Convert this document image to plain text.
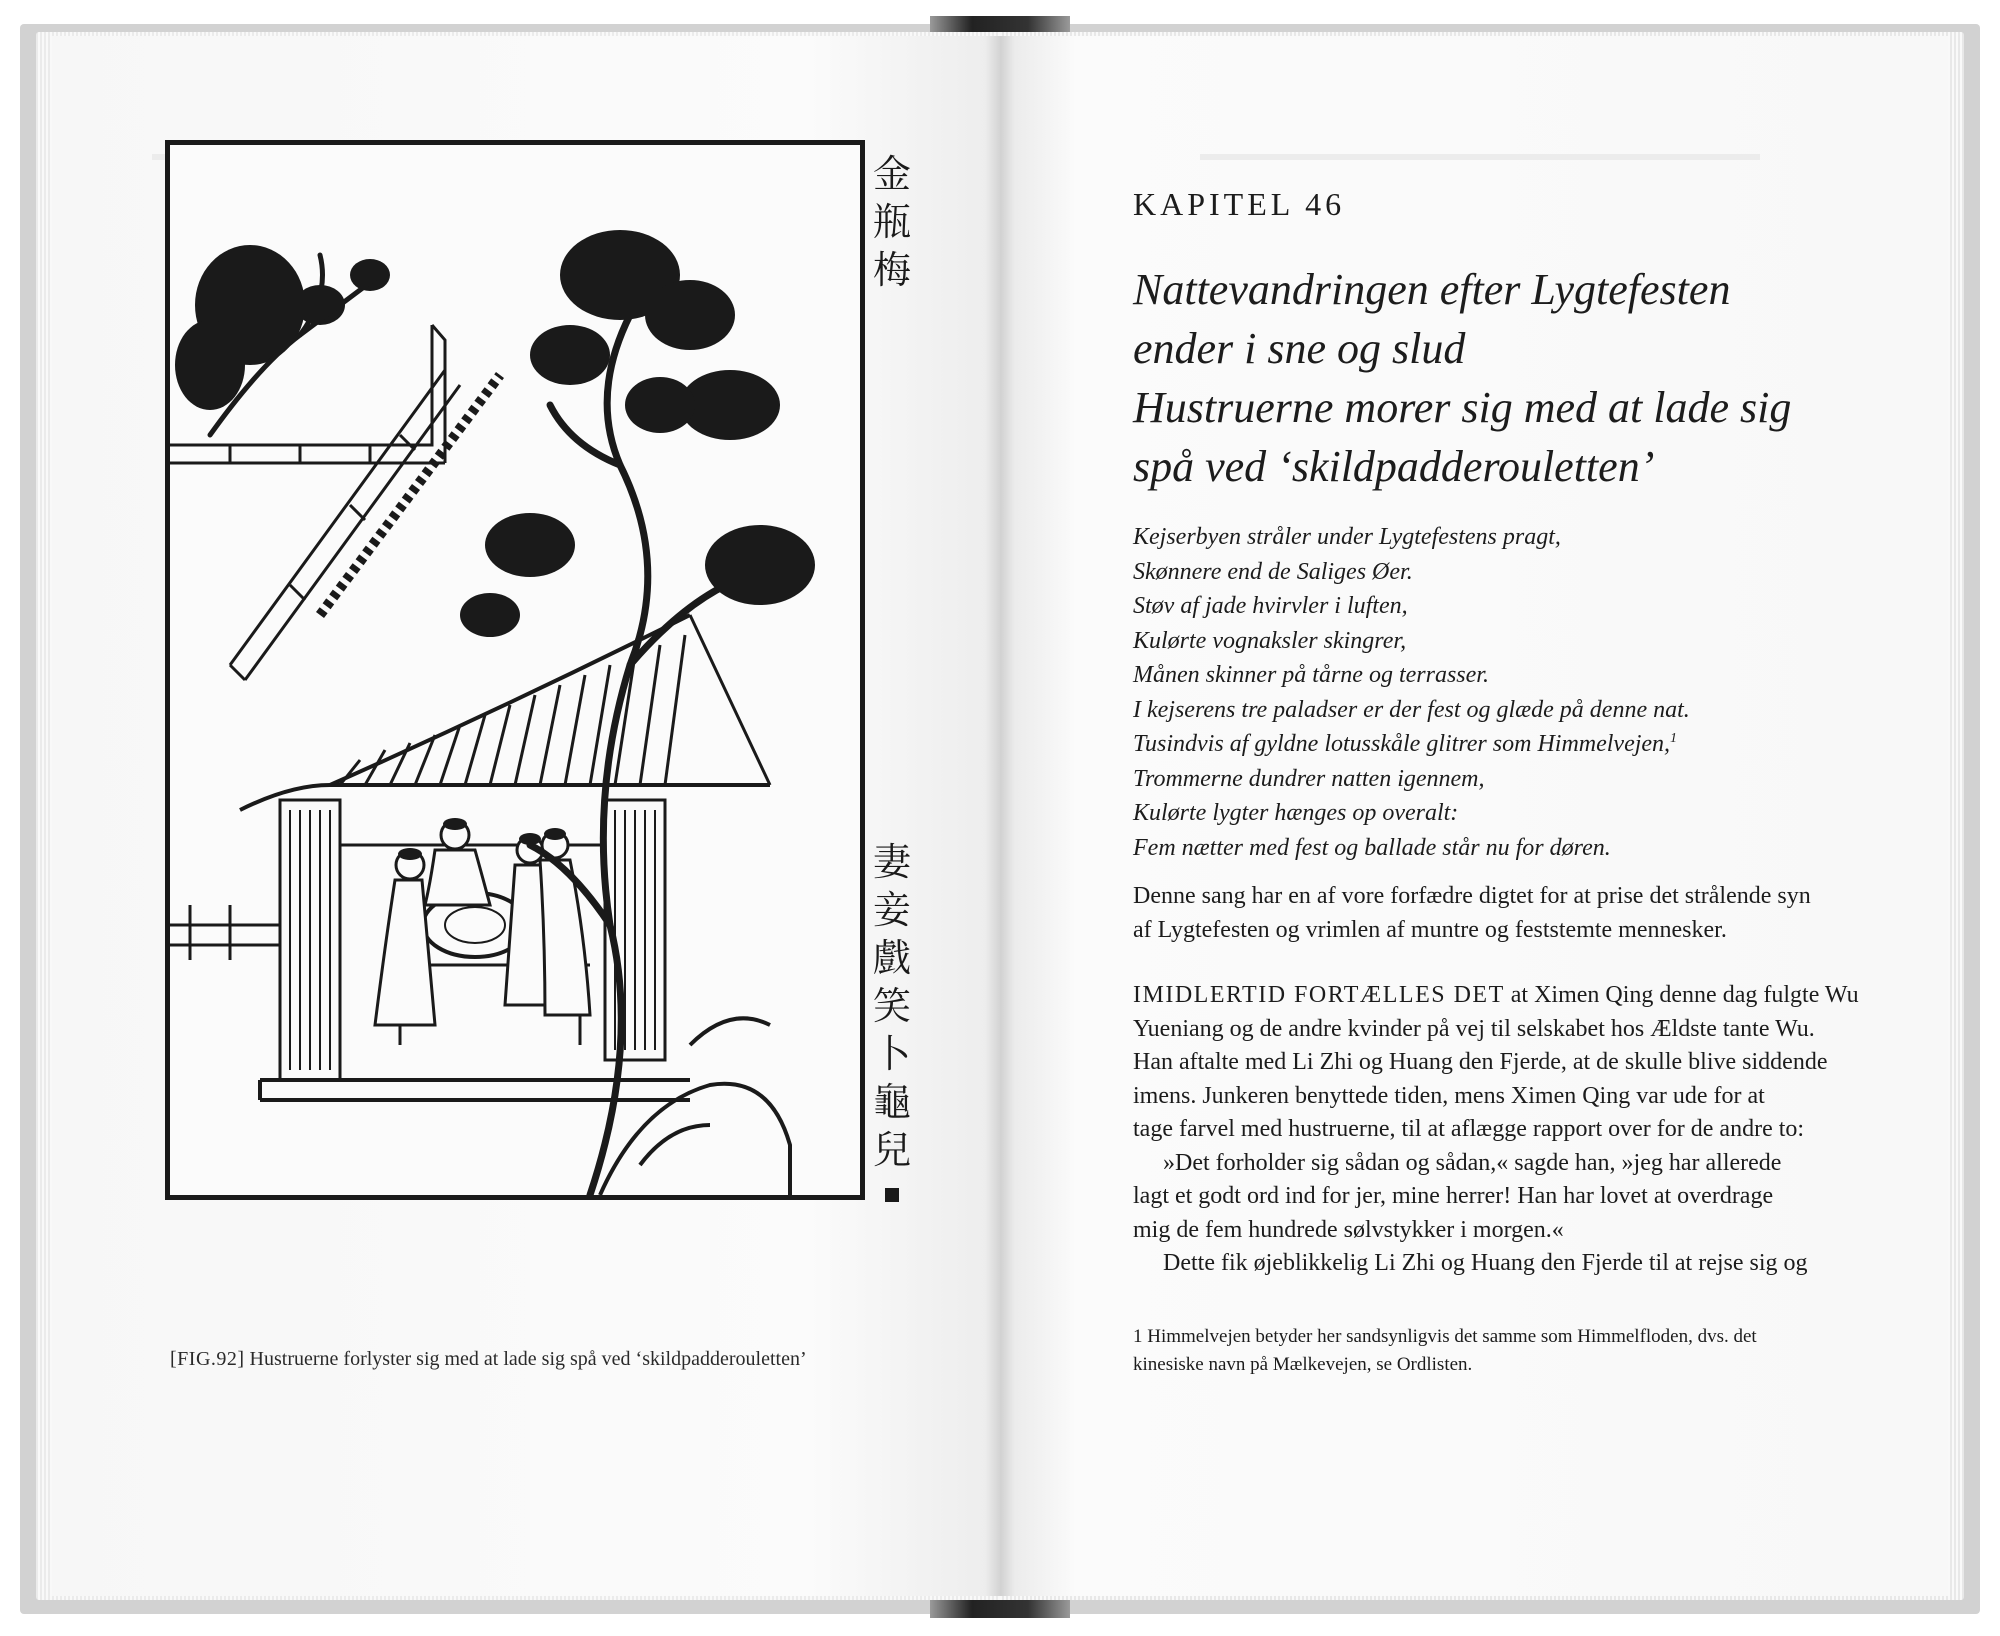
金
瓶
梅
妻
妾
戲
笑
卜
龜
兒
[FIG.92] Hustruerne forlyster sig med at lade sig spå ved ‘skildpadderouletten’
KAPITEL 46
Nattevandringen efter Lygtefesten
ender i sne og slud
Hustruerne morer sig med at lade sig
spå ved ‘skildpadderouletten’
Kejserbyen stråler under Lygtefestens pragt,
Skønnere end de Saliges Øer.
Støv af jade hvirvler i luften,
Kulørte vognaksler skingrer,
Månen skinner på tårne og terrasser.
I kejserens tre paladser er der fest og glæde på denne nat.
Tusindvis af gyldne lotusskåle glitrer som Himmelvejen,$^1$
Trommerne dundrer natten igennem,
Kulørte lygter hænges op overalt:
Fem nætter med fest og ballade står nu for døren.
Denne sang har en af vore forfædre digtet for at prise det strålende syn
af Lygtefesten og vrimlen af muntre og feststemte mennesker.
IMIDLERTID FORTÆLLES DET at Ximen Qing denne dag fulgte Wu
Yueniang og de andre kvinder på vej til selskabet hos Ældste tante Wu.
Han aftalte med Li Zhi og Huang den Fjerde, at de skulle blive siddende
imens. Junkeren benyttede tiden, mens Ximen Qing var ude for at
tage farvel med hustruerne, til at aflægge rapport over for de andre to:
»Det forholder sig sådan og sådan,« sagde han, »jeg har allerede
lagt et godt ord ind for jer, mine herrer! Han har lovet at overdrage
mig de fem hundrede sølvstykker i morgen.«
Dette fik øjeblikkelig Li Zhi og Huang den Fjerde til at rejse sig og
1 Himmelvejen betyder her sandsynligvis det samme som Himmelfloden, dvs. det
kinesiske navn på Mælkevejen, se Ordlisten.
